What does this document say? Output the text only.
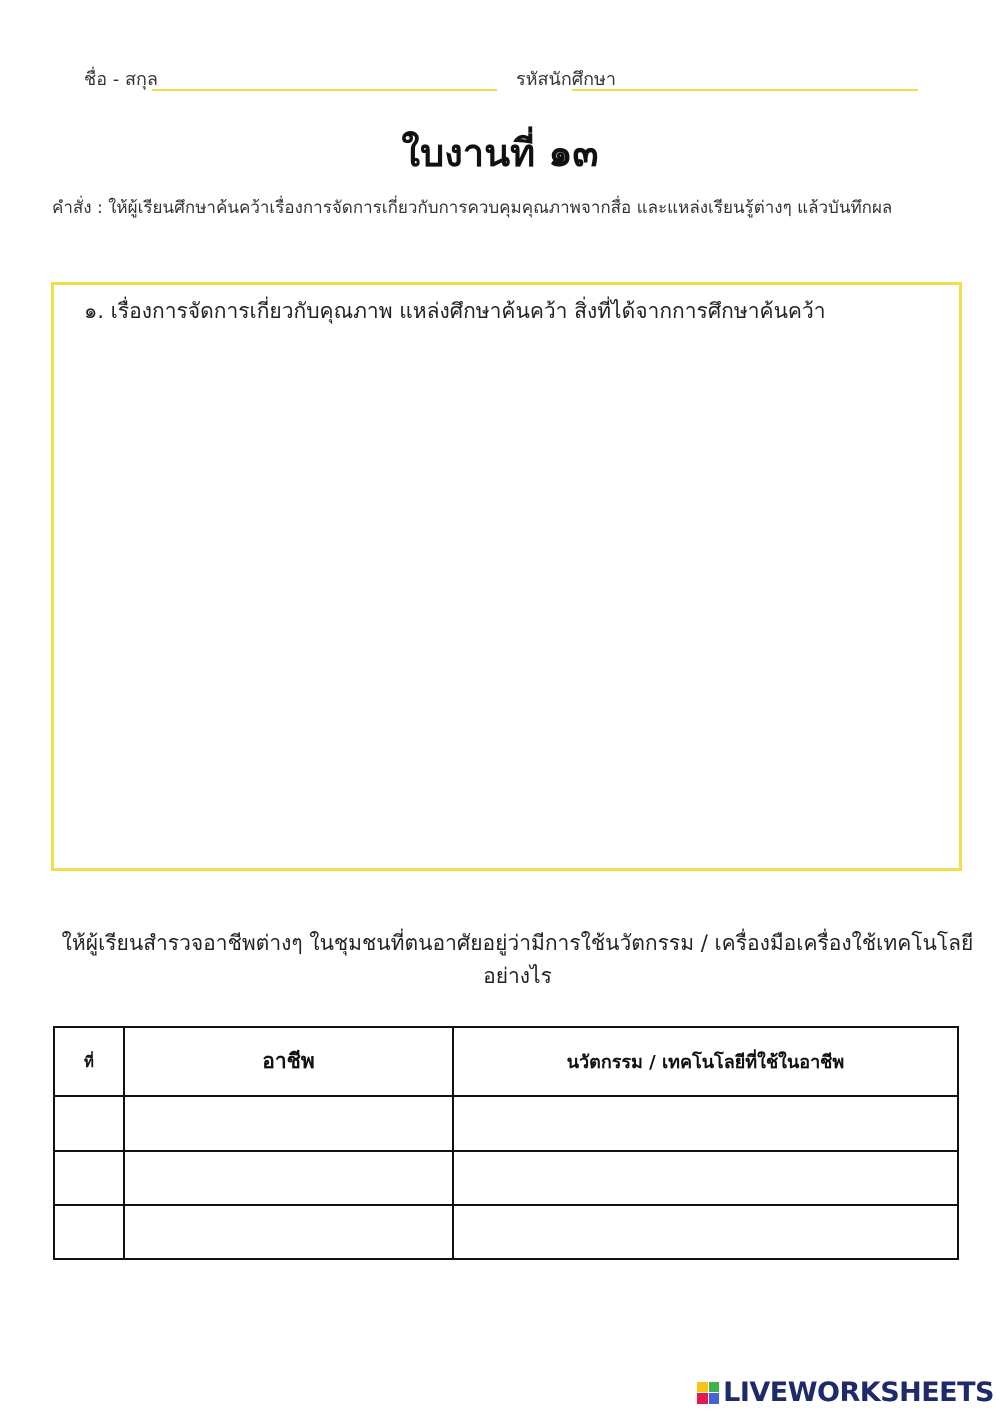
ชื่อ - สกุล	รหัสนักศึกษา
ใบงานที่ ๑๓
คำสั่ง : ให้ผู้เรียนศึกษาค้นคว้าเรื่องการจัดการเกี่ยวกับการควบคุมคุณภาพจากสื่อ และแหล่งเรียนรู้ต่างๆ แล้วบันทึกผล
๑. เรื่องการจัดการเกี่ยวกับคุณภาพ แหล่งศึกษาค้นคว้า สิ่งที่ได้จากการศึกษาค้นคว้า
ให้ผู้เรียนสำรวจอาชีพต่างๆ ในชุมชนที่ตนอาศัยอยู่ว่ามีการใช้นวัตกรรม / เครื่องมือเครื่องใช้เทคโนโลยีอย่างไร
ที่	อาชีพ	นวัตกรรม / เทคโนโลยีที่ใช้ในอาชีพ

LIVEWORKSHEETS
